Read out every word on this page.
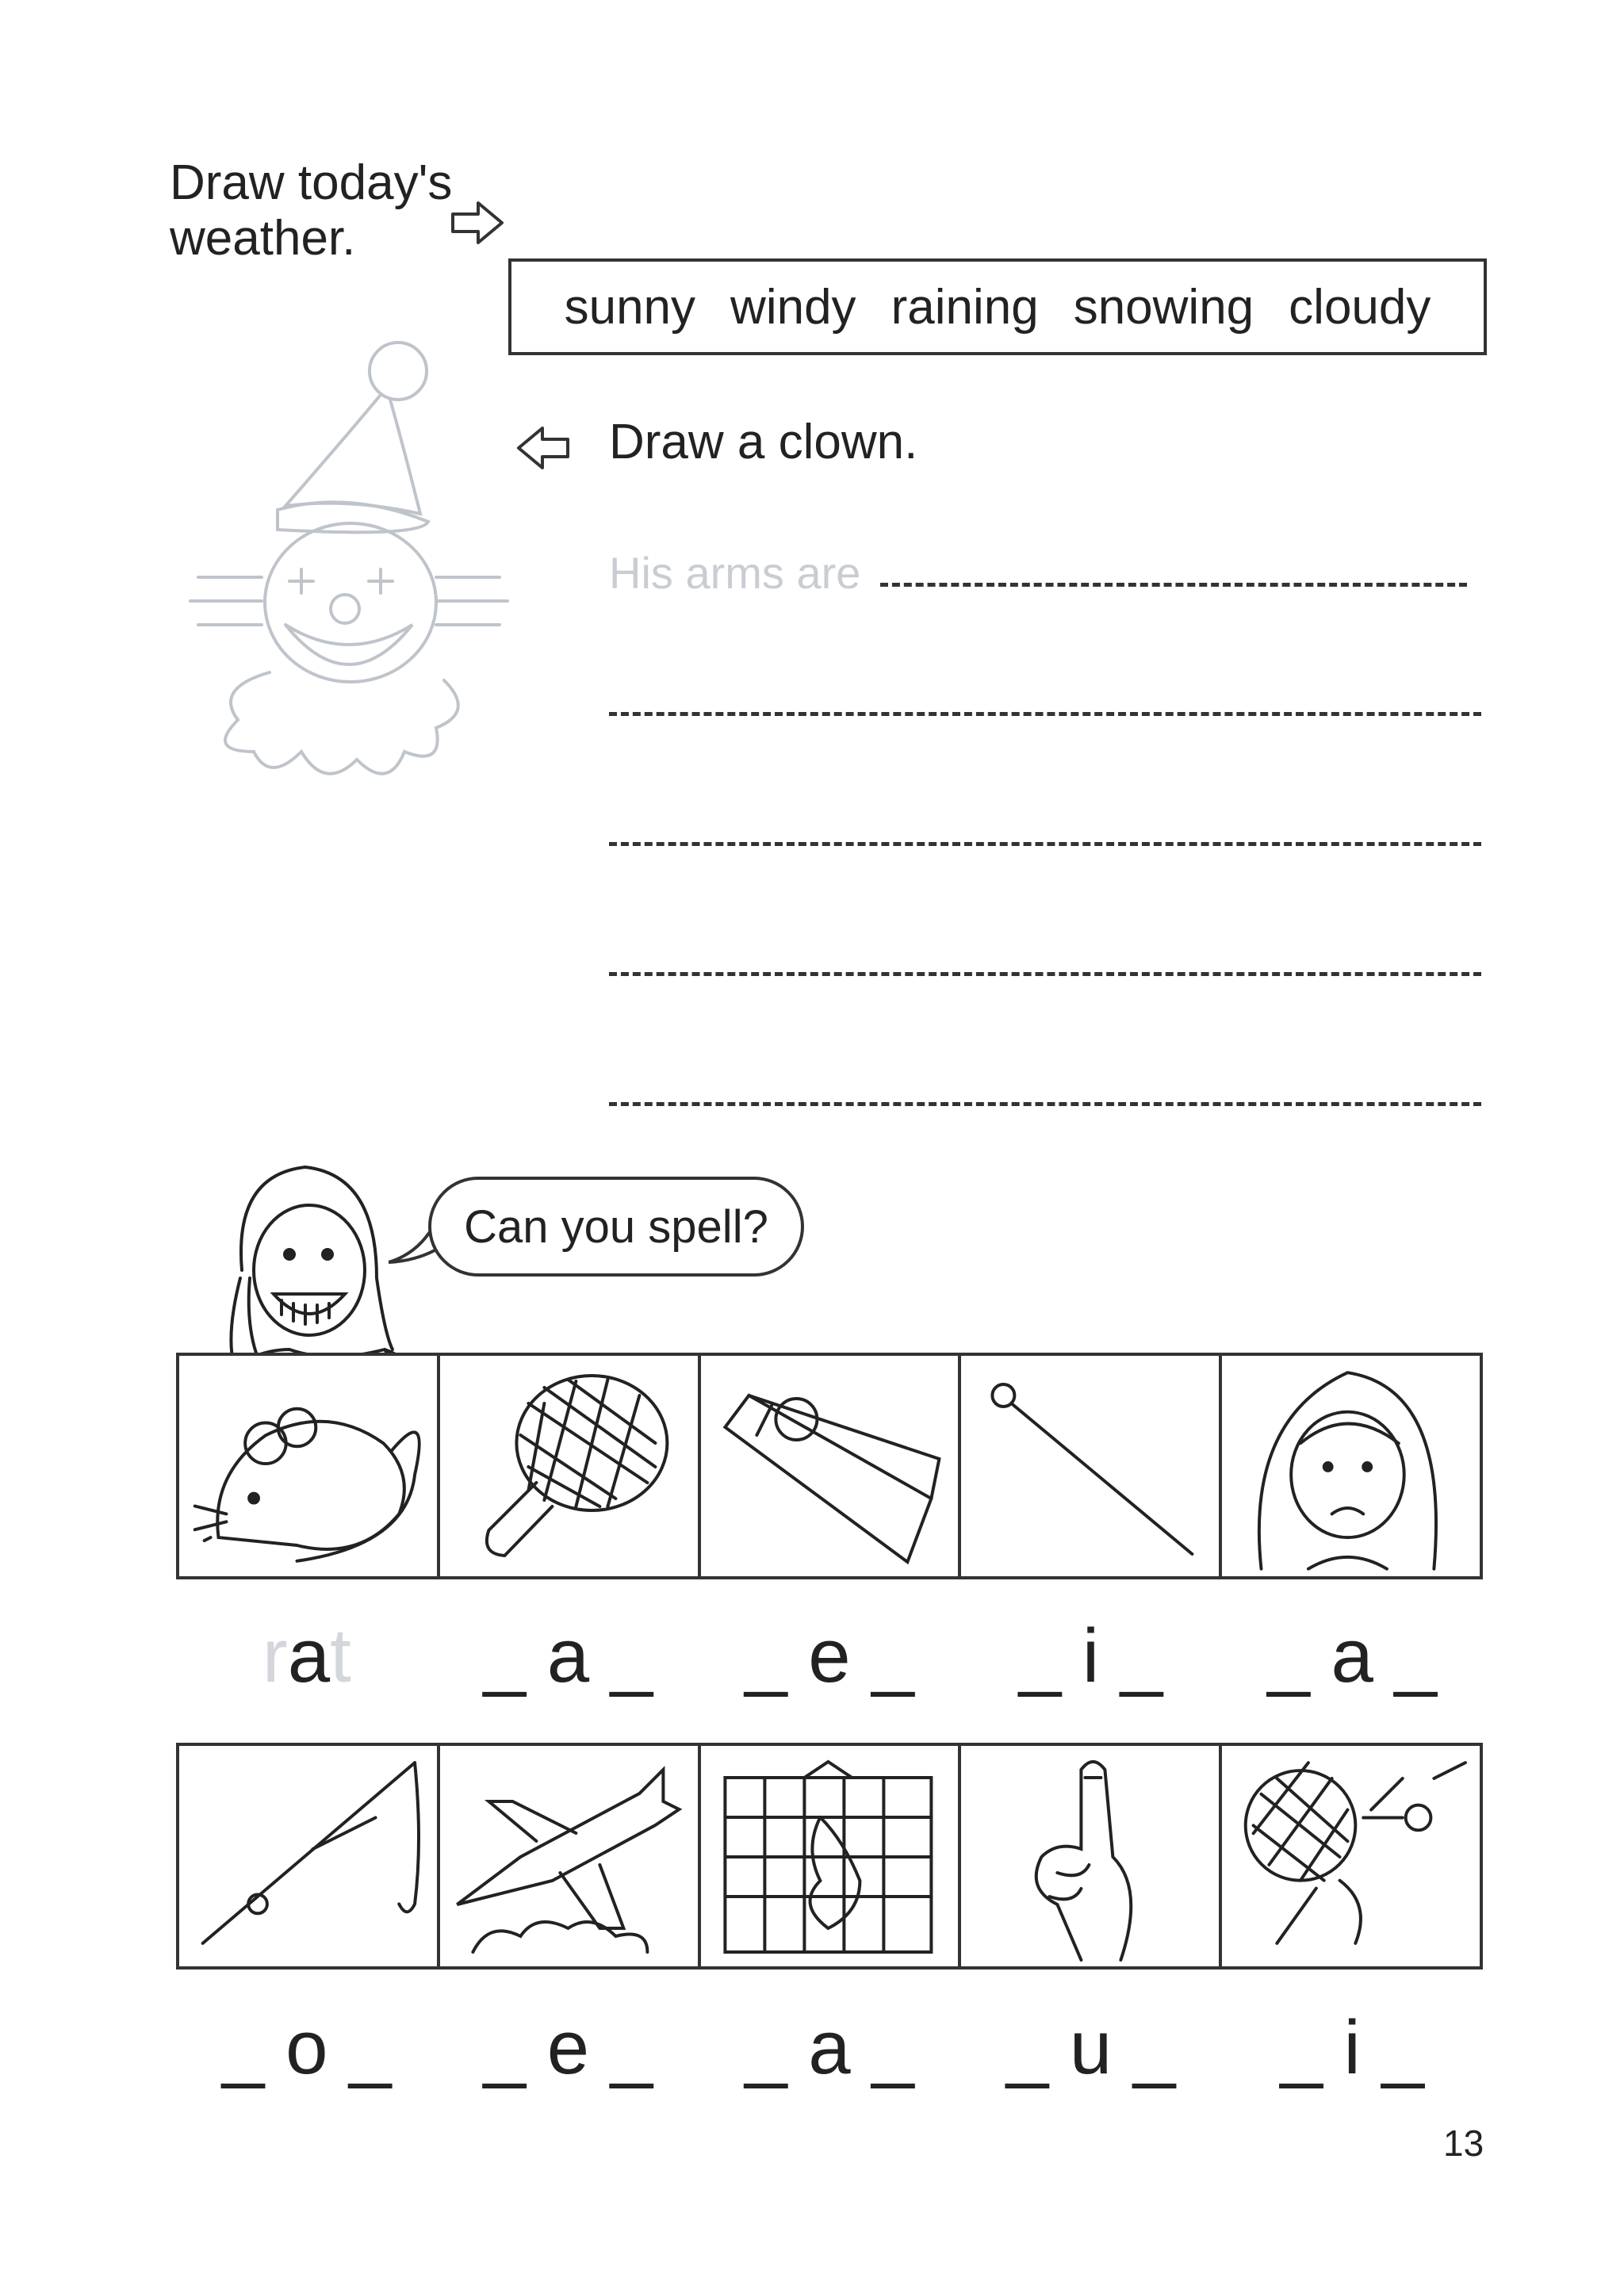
Draw today's
weather.
sunny windy raining snowing cloudy
Draw a clown.
His arms are
Can you spell?
rat	_ a _	_ e _	_ i _	_ a _
_ o _	_ e _	_ a _	_ u _	_ i _
13
